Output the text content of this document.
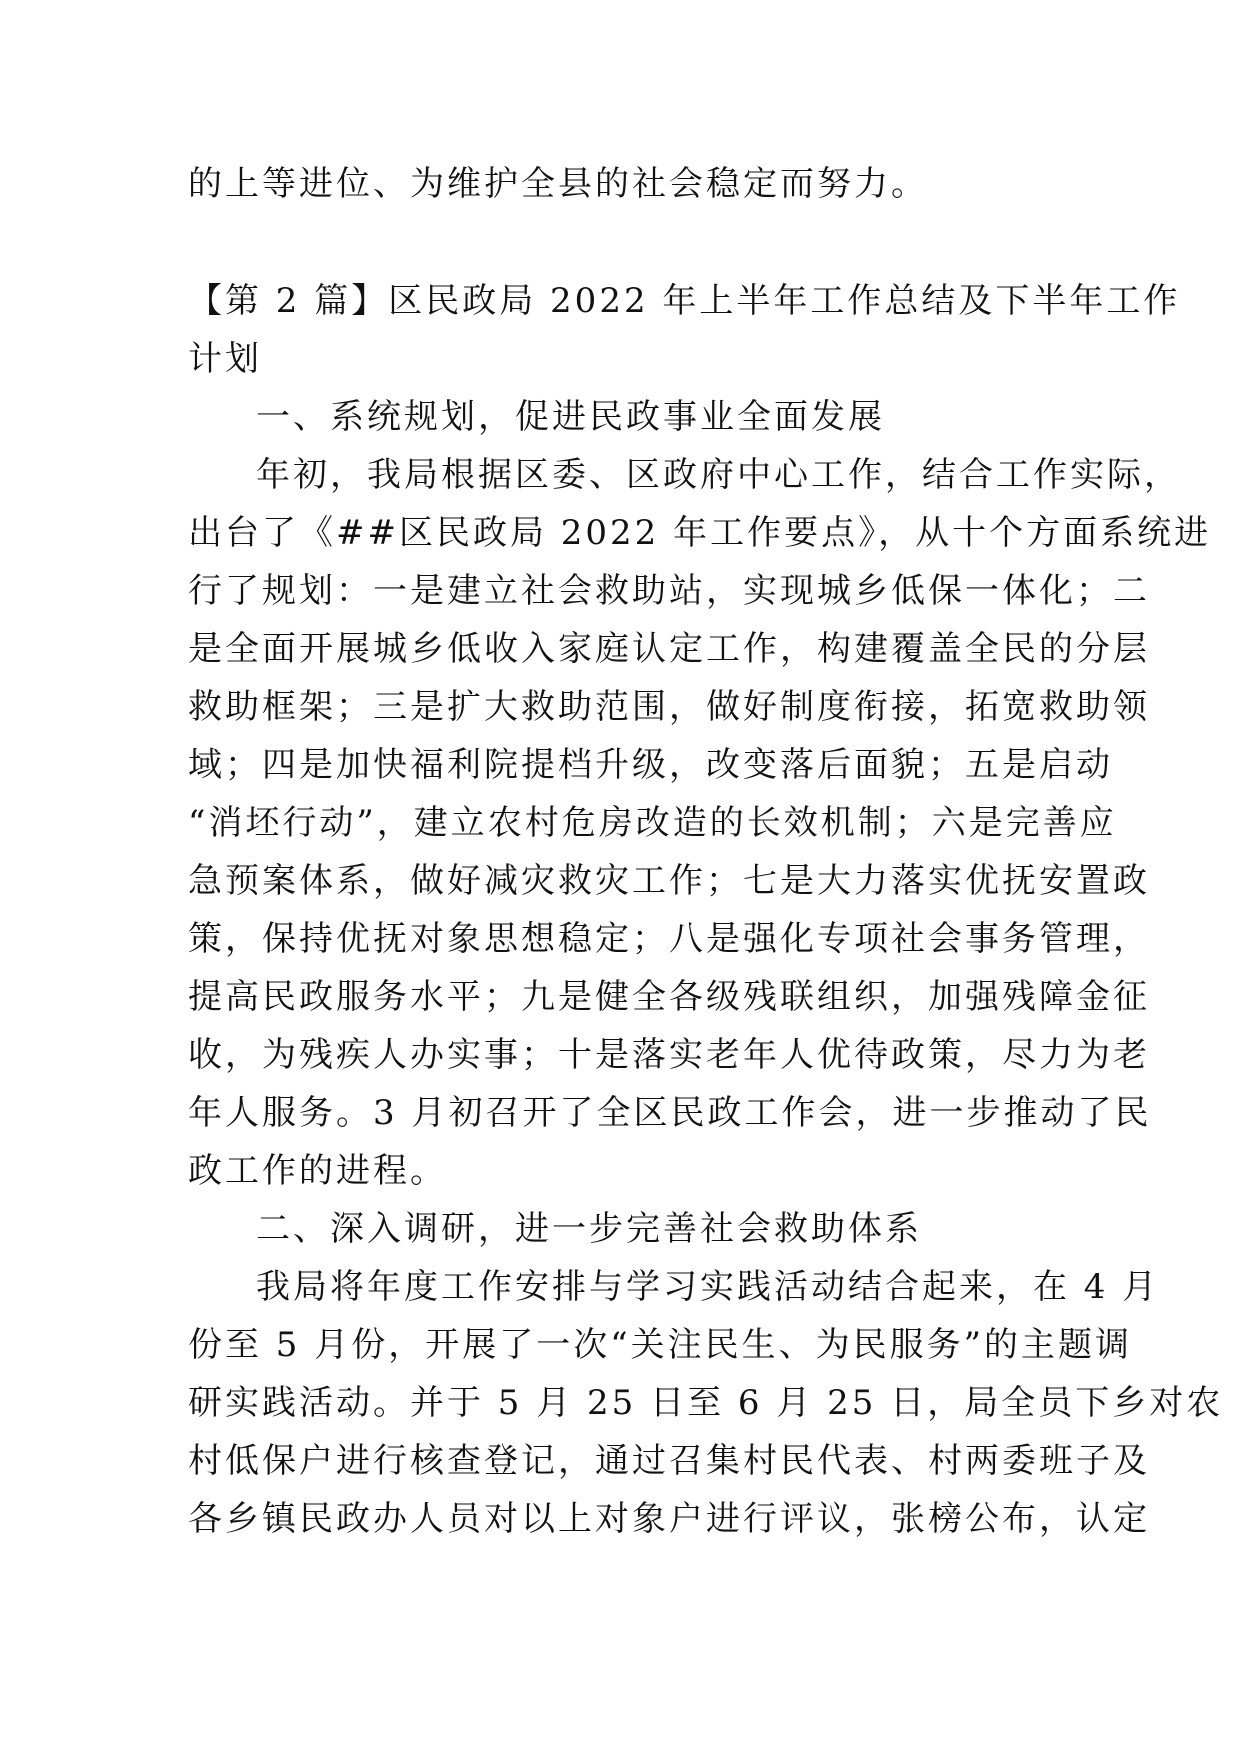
的上等进位、为维护全县的社会稳定而努力。
【第 2 篇】区民政局 2022 年上半年工作总结及下半年工作
计划
一、系统规划，促进民政事业全面发展
年初，我局根据区委、区政府中心工作，结合工作实际，
出台了《##区民政局 2022 年工作要点》，从十个方面系统进
行了规划：一是建立社会救助站，实现城乡低保一体化；二
是全面开展城乡低收入家庭认定工作，构建覆盖全民的分层
救助框架；三是扩大救助范围，做好制度衔接，拓宽救助领
域；四是加快福利院提档升级，改变落后面貌；五是启动
“消坯行动”，建立农村危房改造的长效机制；六是完善应
急预案体系，做好减灾救灾工作；七是大力落实优抚安置政
策，保持优抚对象思想稳定；八是强化专项社会事务管理，
提高民政服务水平；九是健全各级残联组织，加强残障金征
收，为残疾人办实事；十是落实老年人优待政策，尽力为老
年人服务。3 月初召开了全区民政工作会，进一步推动了民
政工作的进程。
二、深入调研，进一步完善社会救助体系
我局将年度工作安排与学习实践活动结合起来，在 4 月
份至 5 月份，开展了一次“关注民生、为民服务”的主题调
研实践活动。并于 5 月 25 日至 6 月 25 日，局全员下乡对农
村低保户进行核查登记，通过召集村民代表、村两委班子及
各乡镇民政办人员对以上对象户进行评议，张榜公布，认定
